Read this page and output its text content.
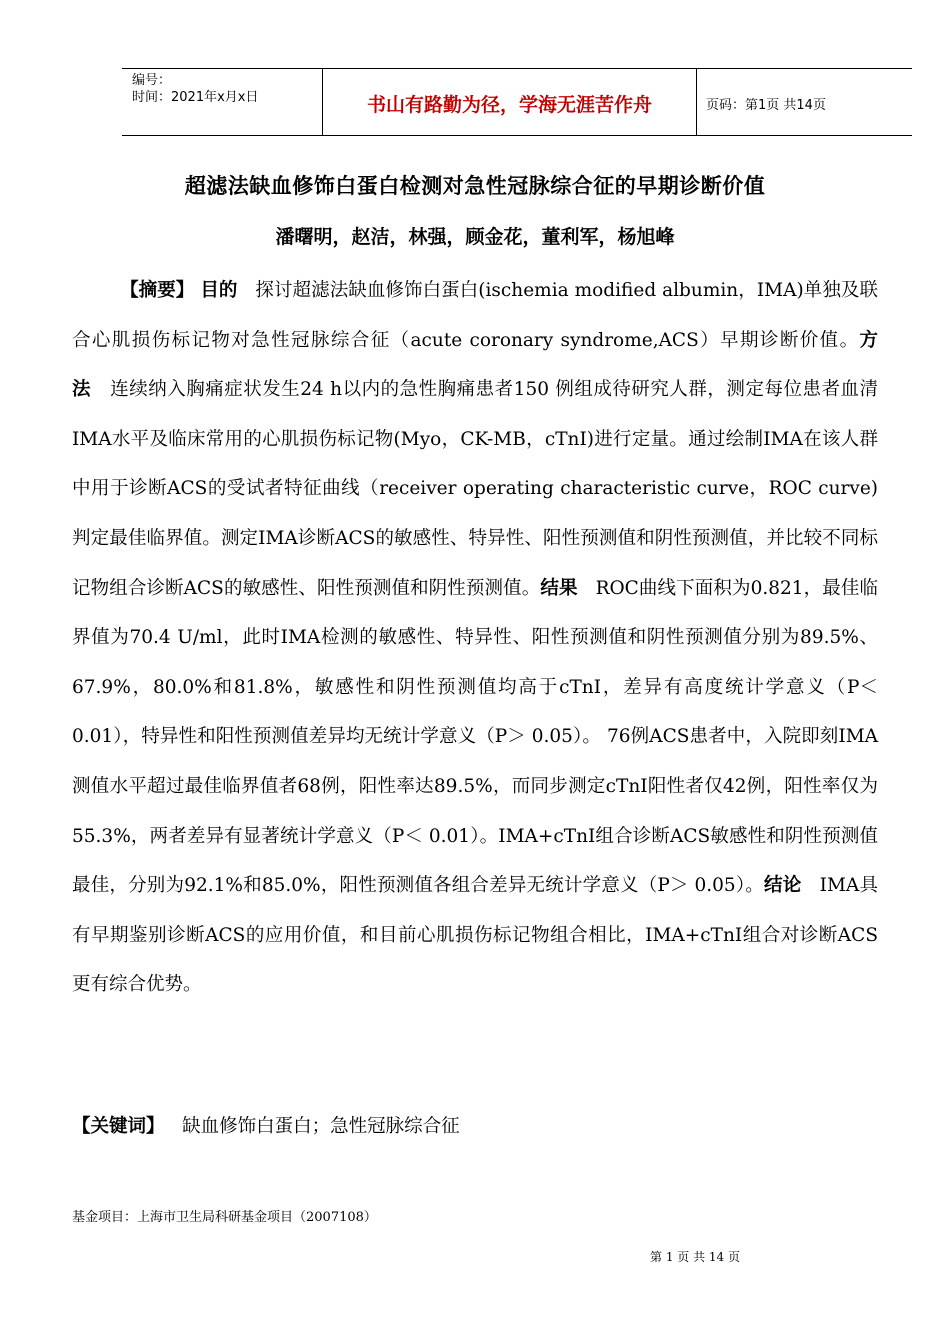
编号：
时间：2021年x月x日	书山有路勤为径，学海无涯苦作舟	页码：第1页 共14页
超滤法缺血修饰白蛋白检测对急性冠脉综合征的早期诊断价值
潘曙明，赵洁，林强，顾金花，董利军，杨旭峰
【摘要】 目的 探讨超滤法缺血修饰白蛋白(ischemia modified albumin，IMA)单独及联合心肌损伤标记物对急性冠脉综合征（acute coronary syndrome,ACS）早期诊断价值。方法 连续纳入胸痛症状发生24 h以内的急性胸痛患者150 例组成待研究人群，测定每位患者血清IMA水平及临床常用的心肌损伤标记物(Myo，CK-MB，cTnI)进行定量。通过绘制IMA在该人群中用于诊断ACS的受试者特征曲线（receiver operating characteristic curve，ROC curve)判定最佳临界值。测定IMA诊断ACS的敏感性、特异性、阳性预测值和阴性预测值，并比较不同标记物组合诊断ACS的敏感性、阳性预测值和阴性预测值。结果 ROC曲线下面积为0.821，最佳临界值为70.4 U/ml，此时IMA检测的敏感性、特异性、阳性预测值和阴性预测值分别为89.5%、67.9%，80.0%和81.8%，敏感性和阴性预测值均高于cTnI，差异有高度统计学意义（P＜ 0.01），特异性和阳性预测值差异均无统计学意义（P＞ 0.05）。 76例ACS患者中，入院即刻IMA测值水平超过最佳临界值者68例，阳性率达89.5%，而同步测定cTnI阳性者仅42例，阳性率仅为55.3%，两者差异有显著统计学意义（P＜ 0.01）。IMA+cTnI组合诊断ACS敏感性和阴性预测值最佳，分别为92.1%和85.0%，阳性预测值各组合差异无统计学意义（P＞ 0.05）。结论 IMA具有早期鉴别诊断ACS的应用价值，和目前心肌损伤标记物组合相比，IMA+cTnI组合对诊断ACS更有综合优势。
【关键词】 缺血修饰白蛋白；急性冠脉综合征
基金项目：上海市卫生局科研基金项目（2007108）
第 1 页 共 14 页
